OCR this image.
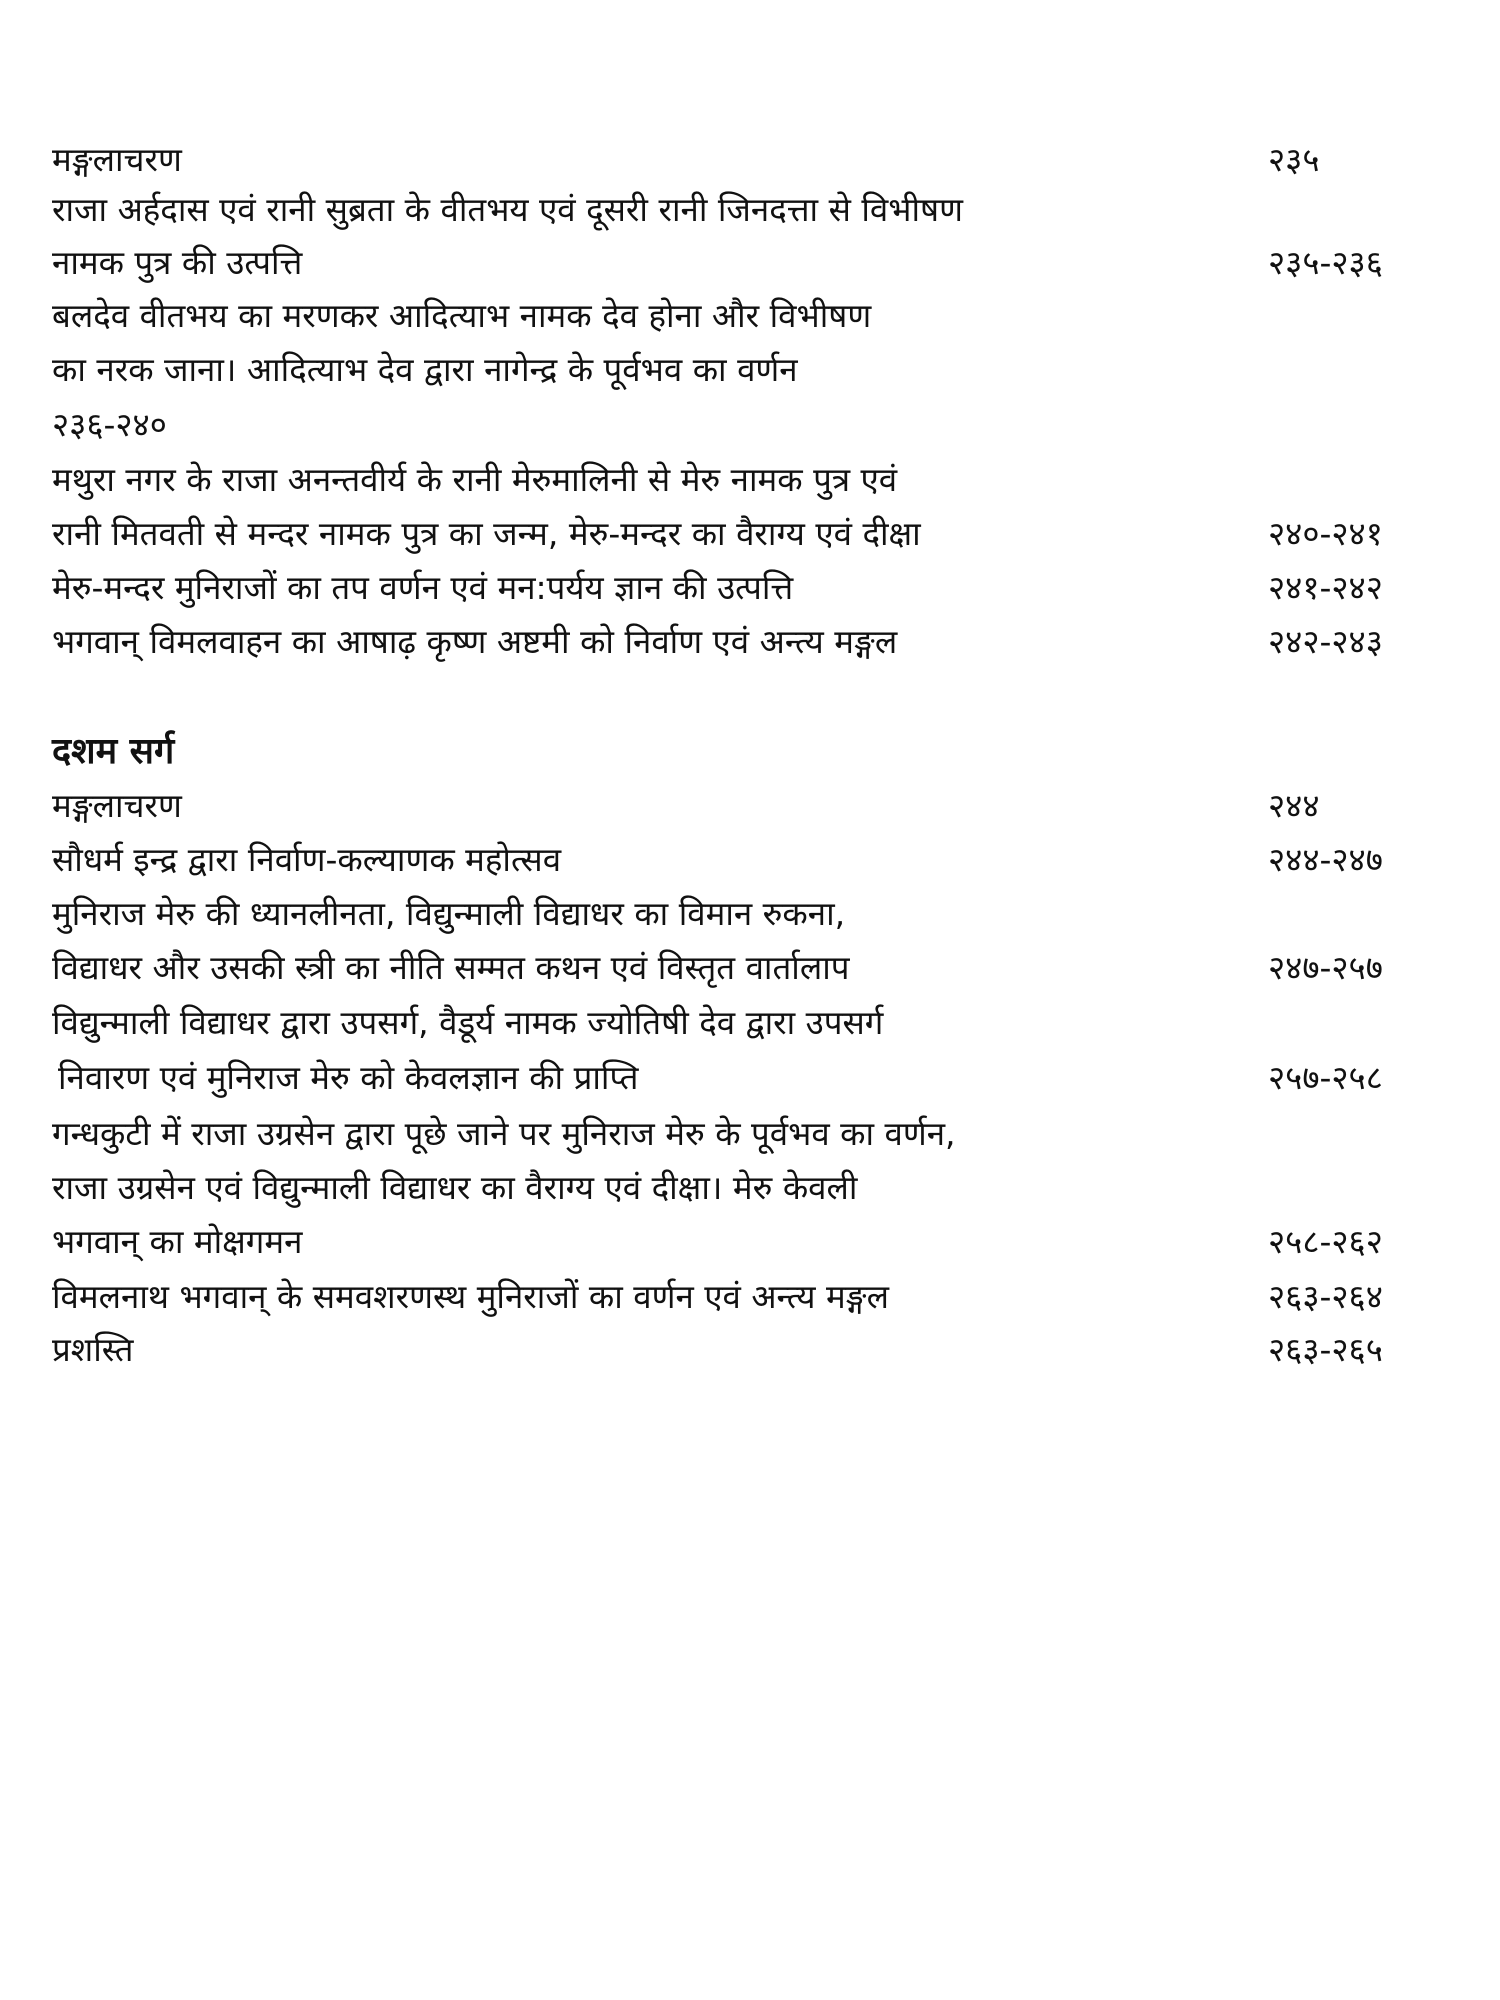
मङ्गलाचरण	२३५
राजा अर्हदास एवं रानी सुब्रता के वीतभय एवं दूसरी रानी जिनदत्ता से विभीषण
नामक पुत्र की उत्पत्ति	२३५-२३६
बलदेव वीतभय का मरणकर आदित्याभ नामक देव होना और विभीषण
का नरक जाना। आदित्याभ देव द्वारा नागेन्द्र के पूर्वभव का वर्णन
२३६-२४०
मथुरा नगर के राजा अनन्तवीर्य के रानी मेरुमालिनी से मेरु नामक पुत्र एवं
रानी मितवती से मन्दर नामक पुत्र का जन्म, मेरु-मन्दर का वैराग्य एवं दीक्षा	२४०-२४१
मेरु-मन्दर मुनिराजों का तप वर्णन एवं मन:पर्यय ज्ञान की उत्पत्ति	२४१-२४२
भगवान् विमलवाहन का आषाढ़ कृष्ण अष्टमी को निर्वाण एवं अन्त्य मङ्गल	२४२-२४३
दशम सर्ग
मङ्गलाचरण	२४४
सौधर्म इन्द्र द्वारा निर्वाण-कल्याणक महोत्सव	२४४-२४७
मुनिराज मेरु की ध्यानलीनता, विद्युन्माली विद्याधर का विमान रुकना,
विद्याधर और उसकी स्त्री का नीति सम्मत कथन एवं विस्तृत वार्तालाप	२४७-२५७
विद्युन्माली विद्याधर द्वारा उपसर्ग, वैडूर्य नामक ज्योतिषी देव द्वारा उपसर्ग
निवारण एवं मुनिराज मेरु को केवलज्ञान की प्राप्ति	२५७-२५८
गन्धकुटी में राजा उग्रसेन द्वारा पूछे जाने पर मुनिराज मेरु के पूर्वभव का वर्णन,
राजा उग्रसेन एवं विद्युन्माली विद्याधर का वैराग्य एवं दीक्षा। मेरु केवली
भगवान् का मोक्षगमन	२५८-२६२
विमलनाथ भगवान् के समवशरणस्थ मुनिराजों का वर्णन एवं अन्त्य मङ्गल	२६३-२६४
प्रशस्ति	२६३-२६५
